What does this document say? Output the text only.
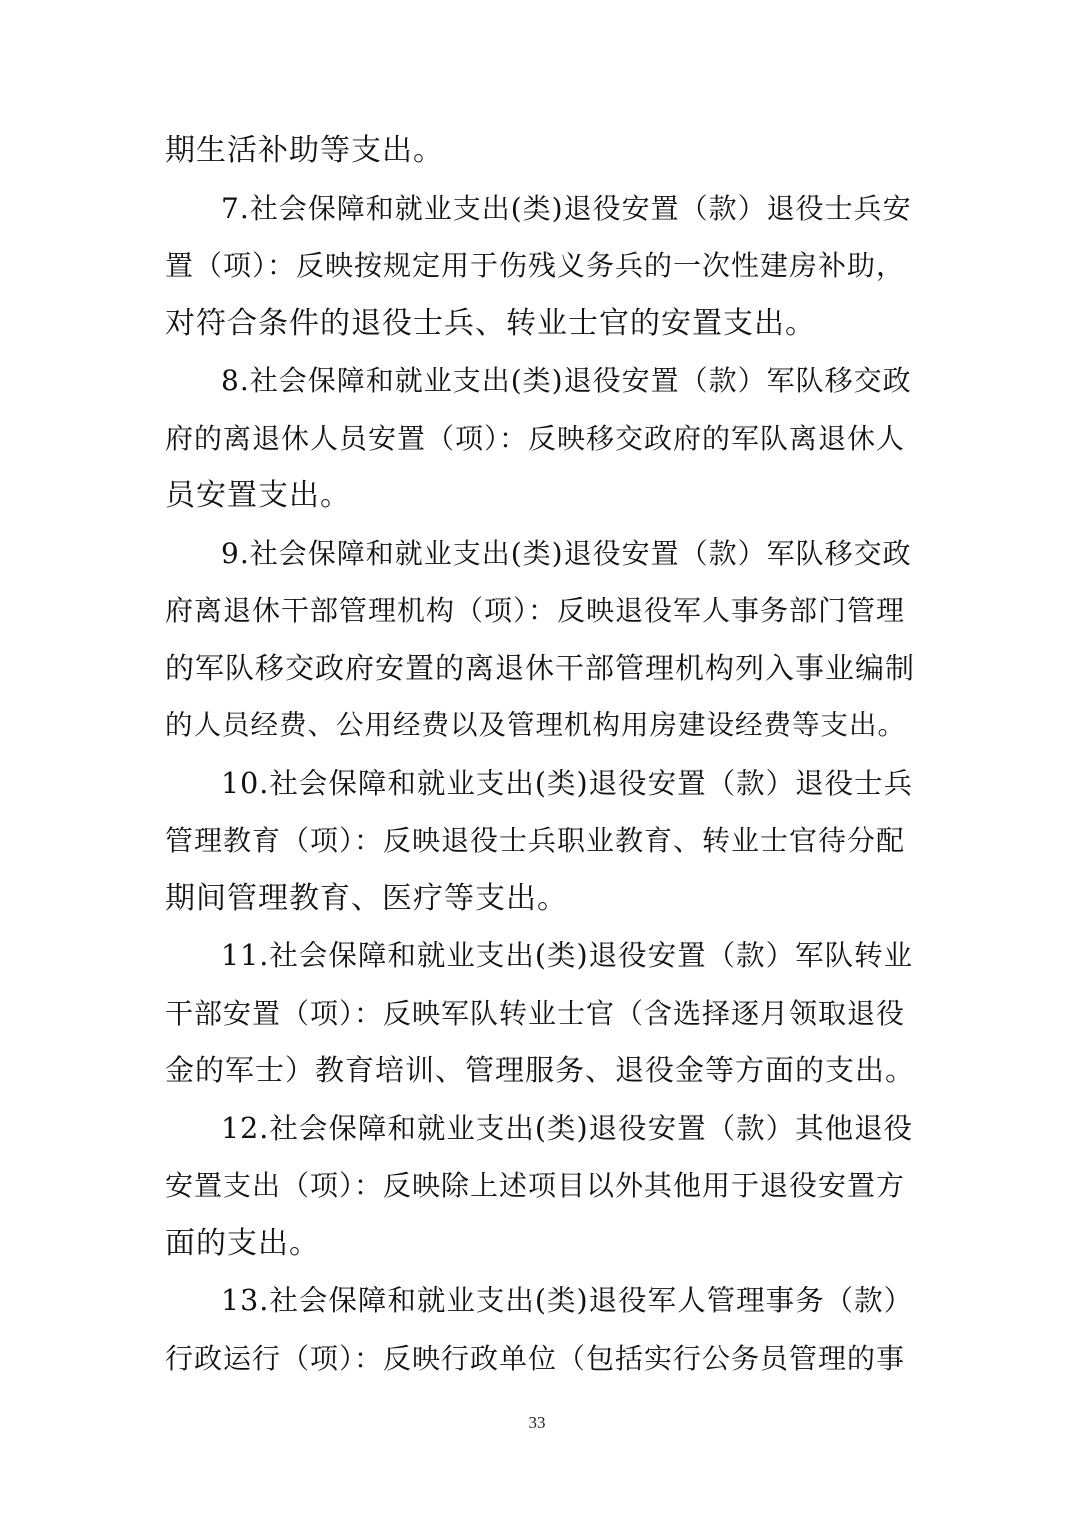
期生活补助等支出。
7.社会保障和就业支出(类)退役安置（款）退役士兵安
置（项）：反映按规定用于伤残义务兵的一次性建房补助，
对符合条件的退役士兵、转业士官的安置支出。
8.社会保障和就业支出(类)退役安置（款）军队移交政
府的离退休人员安置（项）：反映移交政府的军队离退休人
员安置支出。
9.社会保障和就业支出(类)退役安置（款）军队移交政
府离退休干部管理机构（项）：反映退役军人事务部门管理
的军队移交政府安置的离退休干部管理机构列入事业编制
的人员经费、公用经费以及管理机构用房建设经费等支出。
10.社会保障和就业支出(类)退役安置（款）退役士兵
管理教育（项）：反映退役士兵职业教育、转业士官待分配
期间管理教育、医疗等支出。
11.社会保障和就业支出(类)退役安置（款）军队转业
干部安置（项）：反映军队转业士官（含选择逐月领取退役
金的军士）教育培训、管理服务、退役金等方面的支出。
12.社会保障和就业支出(类)退役安置（款）其他退役
安置支出（项）：反映除上述项目以外其他用于退役安置方
面的支出。
13.社会保障和就业支出(类)退役军人管理事务（款）
行政运行（项）：反映行政单位（包括实行公务员管理的事
33
